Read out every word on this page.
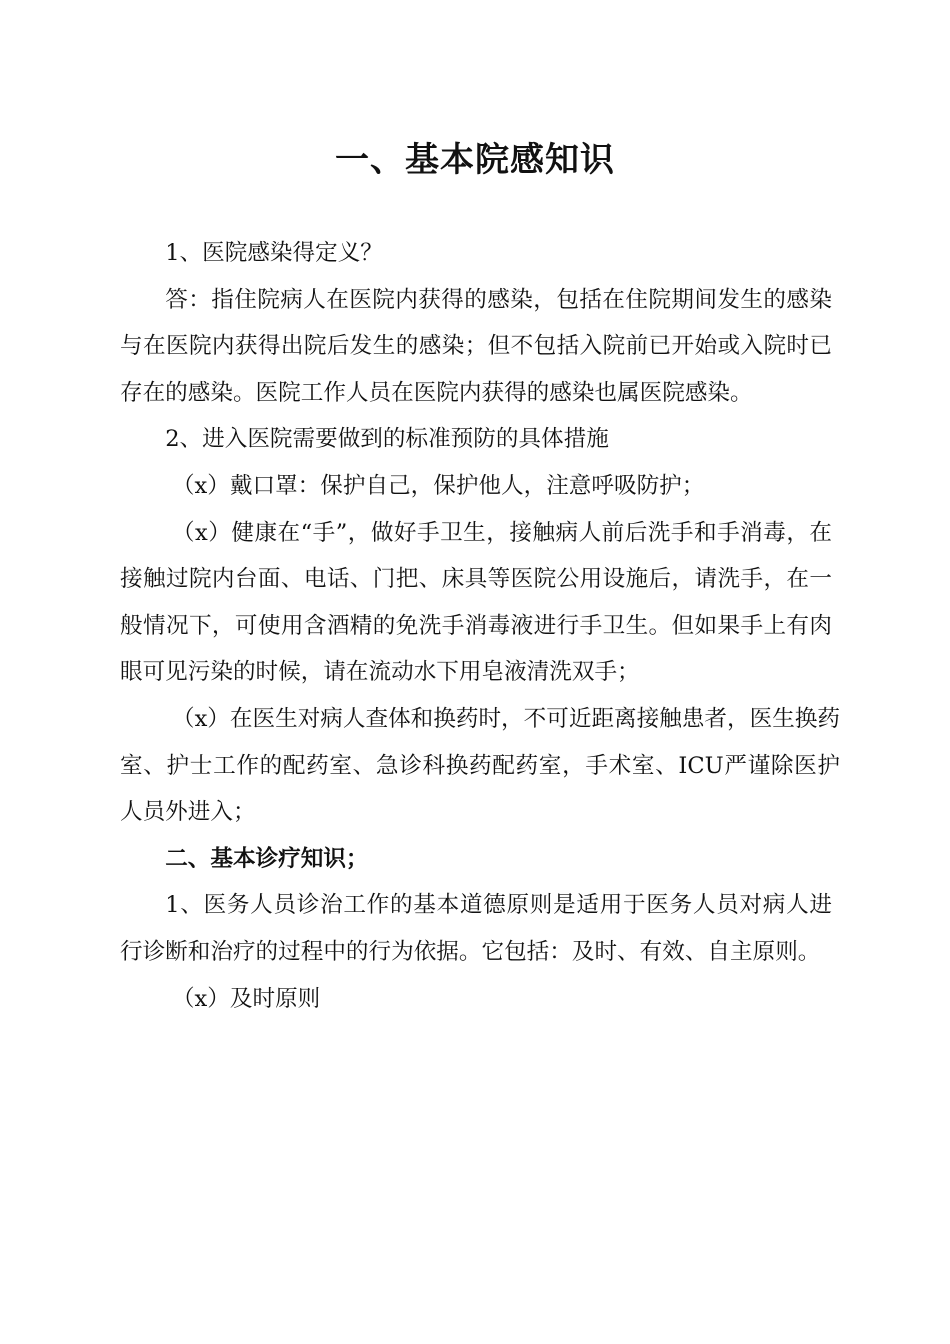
一、基本院感知识

1、医院感染得定义？

答：指住院病人在医院内获得的感染，包括在住院期间发生的感染与在医院内获得出院后发生的感染；但不包括入院前已开始或入院时已存在的感染。医院工作人员在医院内获得的感染也属医院感染。

2、进入医院需要做到的标准预防的具体措施

（x）戴口罩：保护自己，保护他人，注意呼吸防护；

（x）健康在“手”，做好手卫生，接触病人前后洗手和手消毒，在接触过院内台面、电话、门把、床具等医院公用设施后，请洗手，在一般情况下，可使用含酒精的免洗手消毒液进行手卫生。但如果手上有肉眼可见污染的时候，请在流动水下用皂液清洗双手；

（x）在医生对病人查体和换药时，不可近距离接触患者，医生换药室、护士工作的配药室、急诊科换药配药室，手术室、ICU严谨除医护人员外进入；

二、基本诊疗知识；

1、医务人员诊治工作的基本道德原则是适用于医务人员对病人进行诊断和治疗的过程中的行为依据。它包括：及时、有效、自主原则。

（x）及时原则
